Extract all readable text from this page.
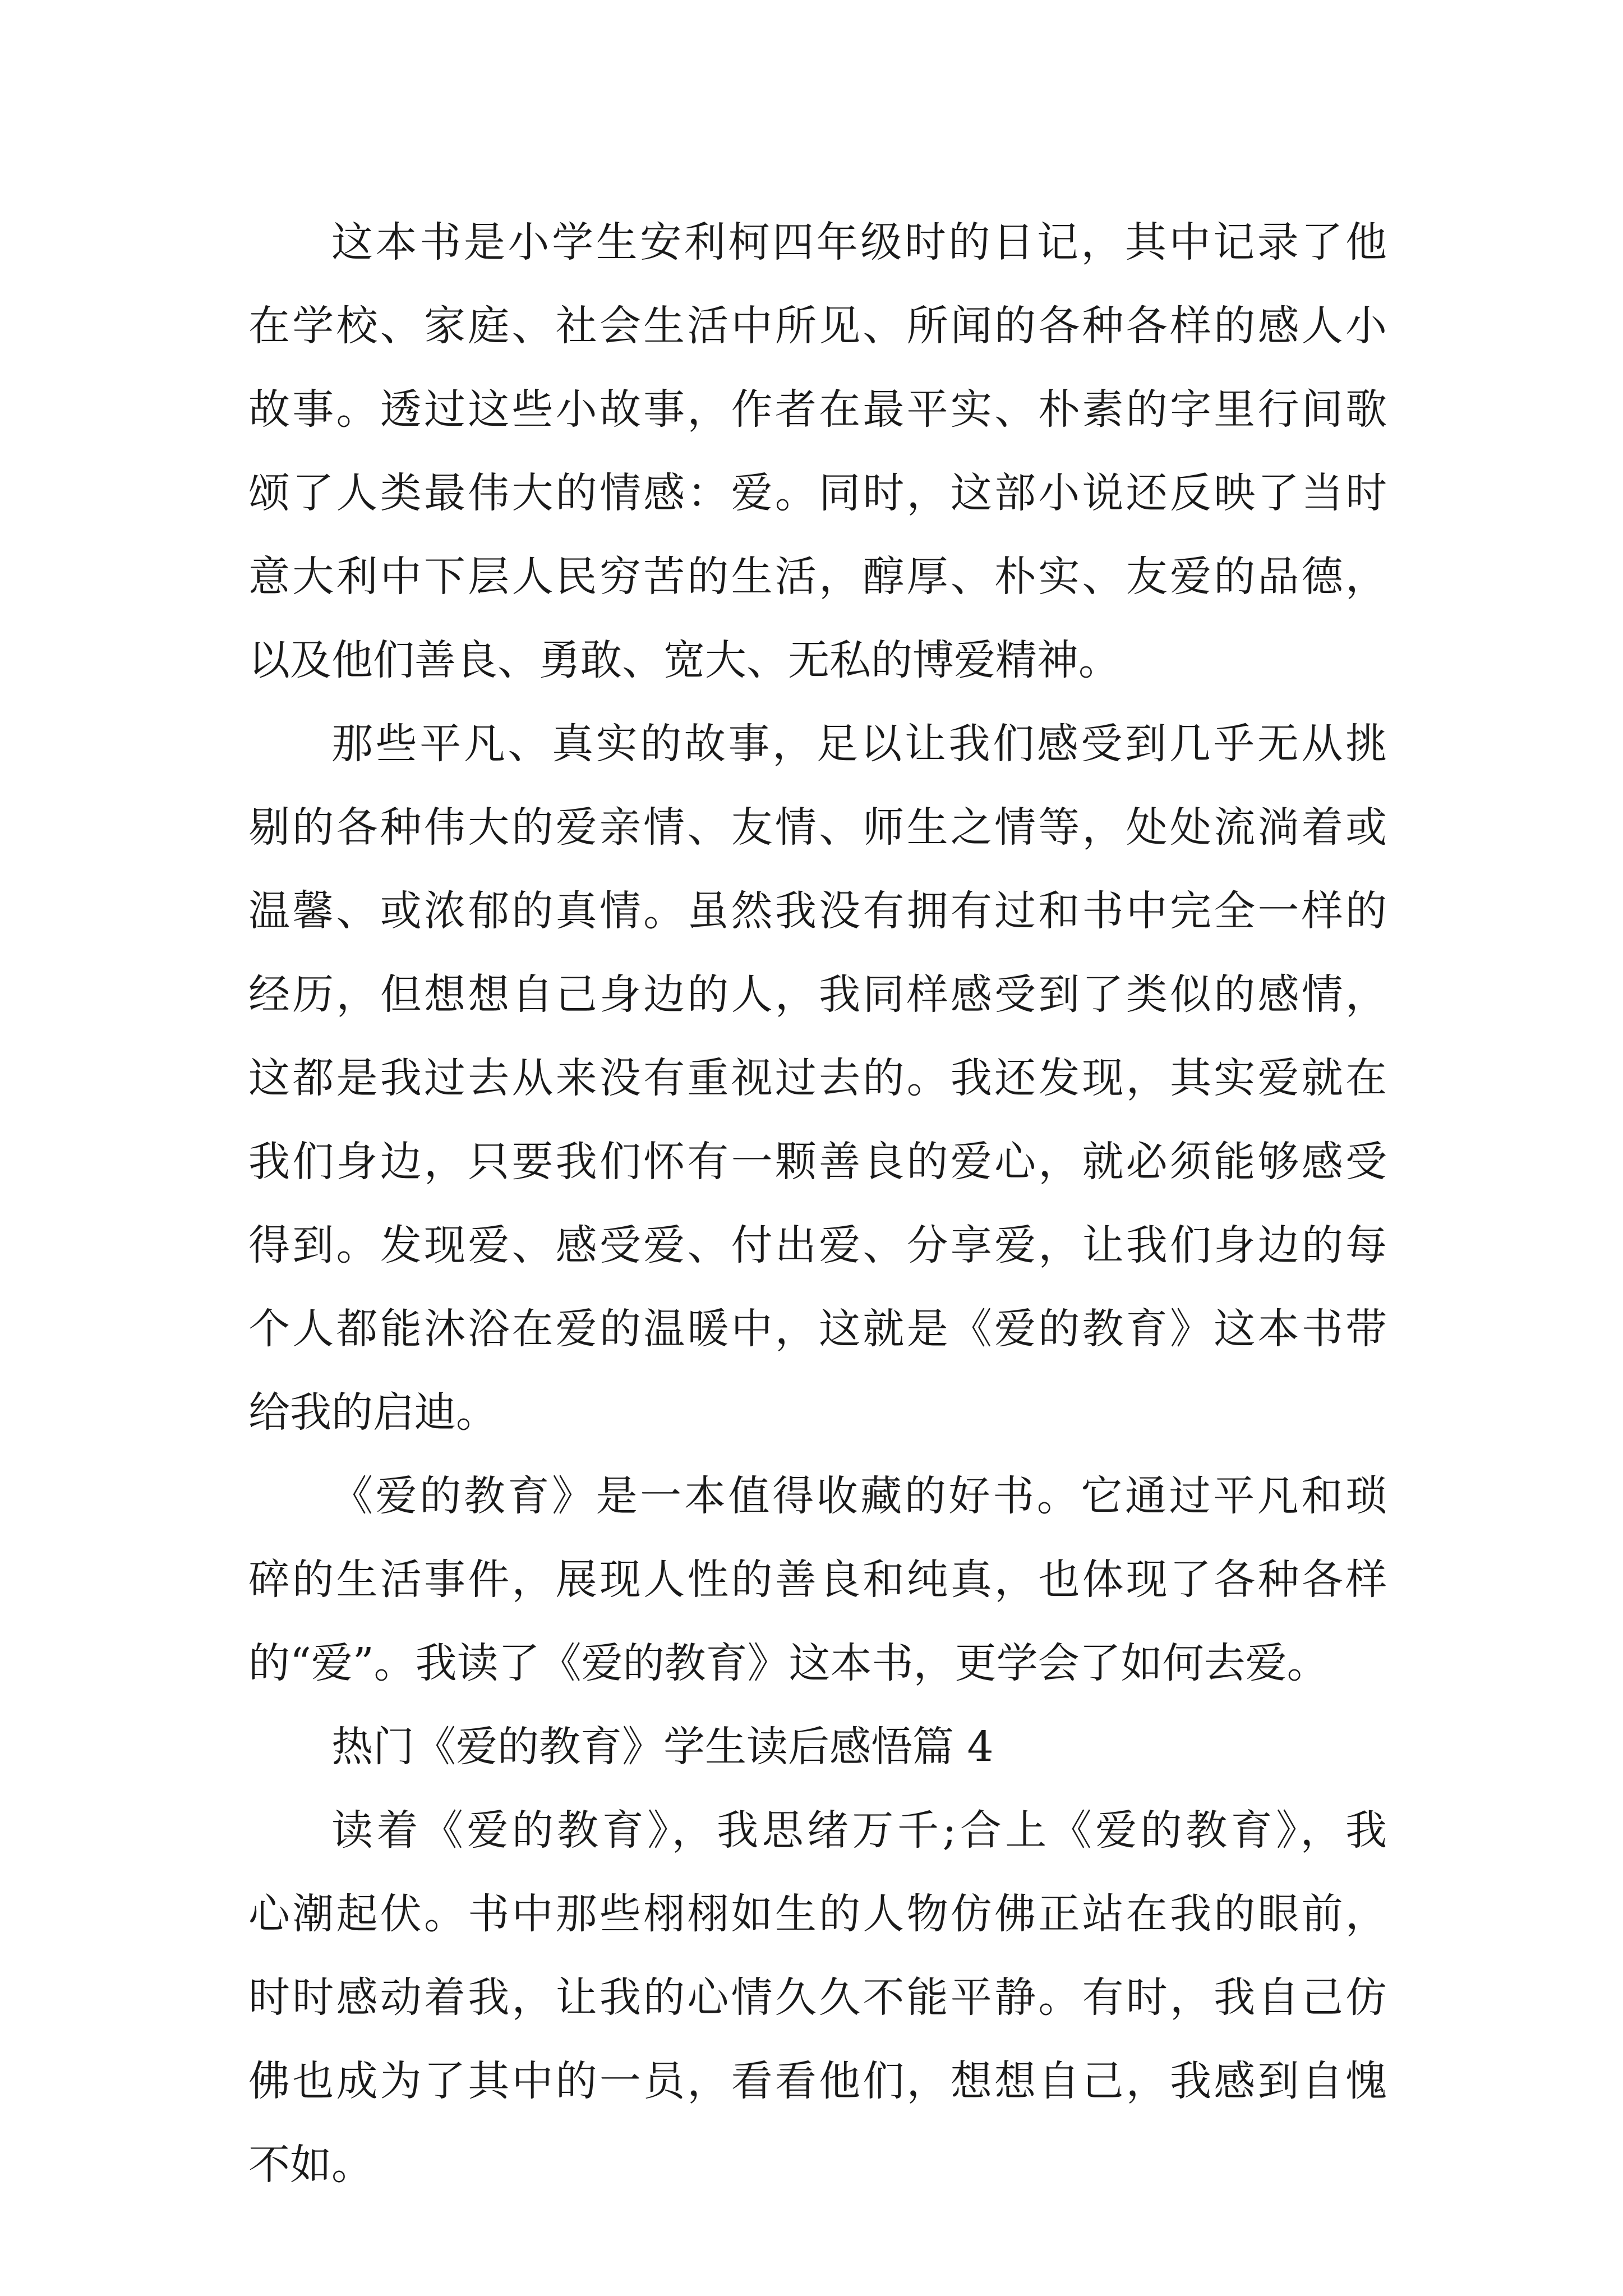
这本书是小学生安利柯四年级时的日记，其中记录了他
在学校、家庭、社会生活中所见、所闻的各种各样的感人小
故事。透过这些小故事，作者在最平实、朴素的字里行间歌
颂了人类最伟大的情感：爱。同时，这部小说还反映了当时
意大利中下层人民穷苦的生活，醇厚、朴实、友爱的品德，
以及他们善良、勇敢、宽大、无私的博爱精神。
那些平凡、真实的故事，足以让我们感受到几乎无从挑
剔的各种伟大的爱亲情、友情、师生之情等，处处流淌着或
温馨、或浓郁的真情。虽然我没有拥有过和书中完全一样的
经历，但想想自己身边的人，我同样感受到了类似的感情，
这都是我过去从来没有重视过去的。我还发现，其实爱就在
我们身边，只要我们怀有一颗善良的爱心，就必须能够感受
得到。发现爱、感受爱、付出爱、分享爱，让我们身边的每
个人都能沐浴在爱的温暖中，这就是《爱的教育》这本书带
给我的启迪。
《爱的教育》是一本值得收藏的好书。它通过平凡和琐
碎的生活事件，展现人性的善良和纯真，也体现了各种各样
的“爱”。我读了《爱的教育》这本书，更学会了如何去爱。
热门《爱的教育》学生读后感悟篇 4
读着《爱的教育》，我思绪万千;合上《爱的教育》，我
心潮起伏。书中那些栩栩如生的人物仿佛正站在我的眼前，
时时感动着我，让我的心情久久不能平静。有时，我自己仿
佛也成为了其中的一员，看看他们，想想自己，我感到自愧
不如。
